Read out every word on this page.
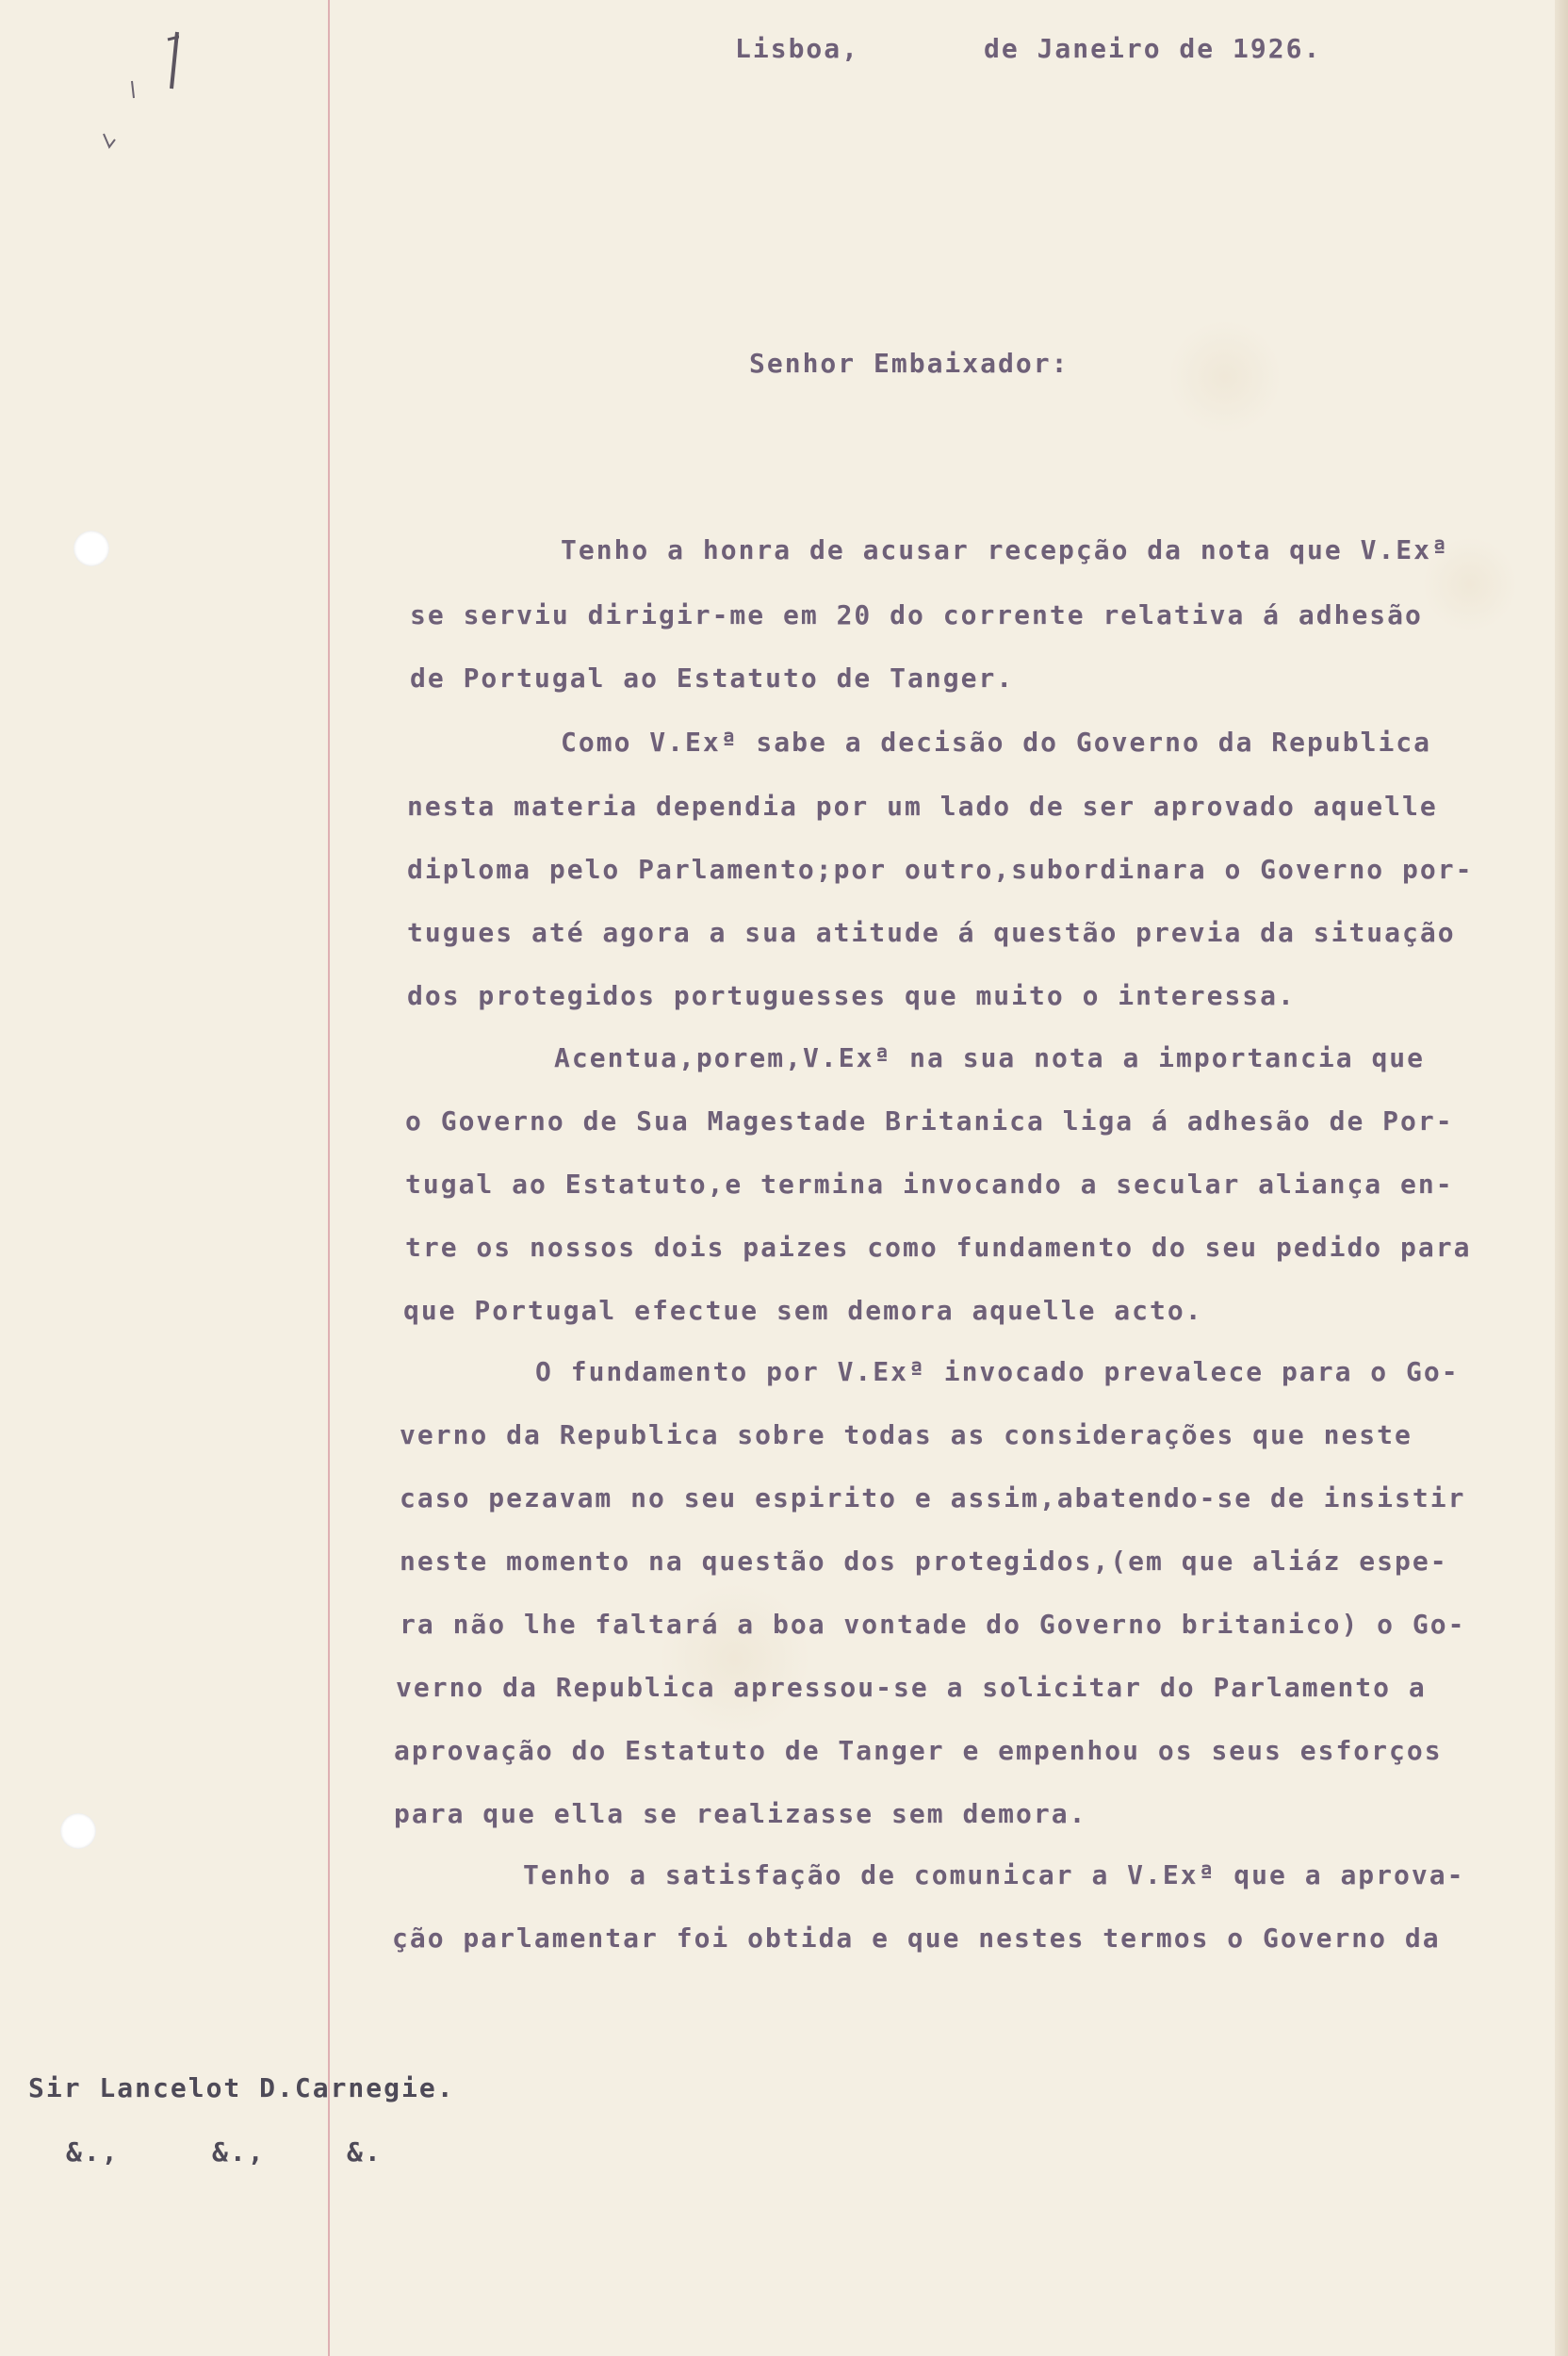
Lisboa,       de Janeiro de 1926.
Senhor Embaixador:
Tenho a honra de acusar recepção da nota que V.Exª
se serviu dirigir-me em 20 do corrente relativa á adhesão
de Portugal ao Estatuto de Tanger.
Como V.Exª sabe a decisão do Governo da Republica
nesta materia dependia por um lado de ser aprovado aquelle
diploma pelo Parlamento;por outro,subordinara o Governo por-
tugues até agora a sua atitude á questão previa da situação
dos protegidos portuguesses que muito o interessa.
Acentua,porem,V.Exª na sua nota a importancia que
o Governo de Sua Magestade Britanica liga á adhesão de Por-
tugal ao Estatuto,e termina invocando a secular aliança en-
tre os nossos dois paizes como fundamento do seu pedido para
que Portugal efectue sem demora aquelle acto.
O fundamento por V.Exª invocado prevalece para o Go-
verno da Republica sobre todas as considerações que neste
caso pezavam no seu espirito e assim,abatendo-se de insistir
neste momento na questão dos protegidos,(em que aliáz espe-
ra não lhe faltará a boa vontade do Governo britanico) o Go-
verno da Republica apressou-se a solicitar do Parlamento a
aprovação do Estatuto de Tanger e empenhou os seus esforços
para que ella se realizasse sem demora.
Tenho a satisfação de comunicar a V.Exª que a aprova-
ção parlamentar foi obtida e que nestes termos o Governo da
Sir Lancelot D.Carnegie.
&.,	&.,	&.
